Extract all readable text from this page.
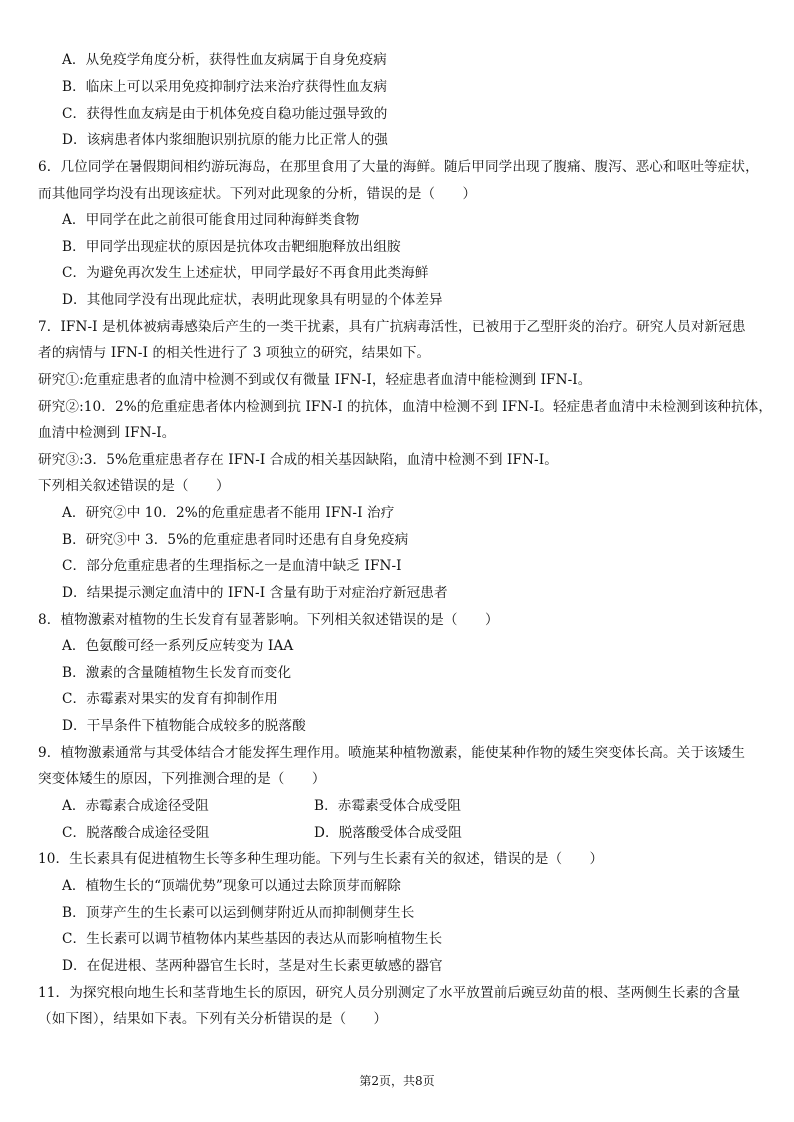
A．从免疫学角度分析，获得性血友病属于自身免疫病
B．临床上可以采用免疫抑制疗法来治疗获得性血友病
C．获得性血友病是由于机体免疫自稳功能过强导致的
D．该病患者体内浆细胞识别抗原的能力比正常人的强
6．几位同学在暑假期间相约游玩海岛，在那里食用了大量的海鲜。随后甲同学出现了腹痛、腹泻、恶心和呕吐等症状，
而其他同学均没有出现该症状。下列对此现象的分析，错误的是（　　）
A．甲同学在此之前很可能食用过同种海鲜类食物
B．甲同学出现症状的原因是抗体攻击靶细胞释放出组胺
C．为避免再次发生上述症状，甲同学最好不再食用此类海鲜
D．其他同学没有出现此症状，表明此现象具有明显的个体差异
7．IFN-I 是机体被病毒感染后产生的一类干扰素，具有广抗病毒活性，已被用于乙型肝炎的治疗。研究人员对新冠患
者的病情与 IFN-I 的相关性进行了 3 项独立的研究，结果如下。
研究①:危重症患者的血清中检测不到或仅有微量 IFN-I，轻症患者血清中能检测到 IFN-I。
研究②:10．2%的危重症患者体内检测到抗 IFN-I 的抗体，血清中检测不到 IFN-I。轻症患者血清中未检测到该种抗体，
血清中检测到 IFN-I。
研究③:3．5%危重症患者存在 IFN-I 合成的相关基因缺陷，血清中检测不到 IFN-I。
下列相关叙述错误的是（　　）
A．研究②中 10．2%的危重症患者不能用 IFN-I 治疗
B．研究③中 3．5%的危重症患者同时还患有自身免疫病
C．部分危重症患者的生理指标之一是血清中缺乏 IFN-I
D．结果提示测定血清中的 IFN-I 含量有助于对症治疗新冠患者
8．植物激素对植物的生长发育有显著影响。下列相关叙述错误的是（　　）
A．色氨酸可经一系列反应转变为 IAA
B．激素的含量随植物生长发育而变化
C．赤霉素对果实的发育有抑制作用
D．干旱条件下植物能合成较多的脱落酸
9．植物激素通常与其受体结合才能发挥生理作用。喷施某种植物激素，能使某种作物的矮生突变体长高。关于该矮生
突变体矮生的原因，下列推测合理的是（　　）
A．赤霉素合成途径受阻	B．赤霉素受体合成受阻
C．脱落酸合成途径受阻	D．脱落酸受体合成受阻
10．生长素具有促进植物生长等多种生理功能。下列与生长素有关的叙述，错误的是（　　）
A．植物生长的“顶端优势”现象可以通过去除顶芽而解除
B．顶芽产生的生长素可以运到侧芽附近从而抑制侧芽生长
C．生长素可以调节植物体内某些基因的表达从而影响植物生长
D．在促进根、茎两种器官生长时，茎是对生长素更敏感的器官
11．为探究根向地生长和茎背地生长的原因，研究人员分别测定了水平放置前后豌豆幼苗的根、茎两侧生长素的含量
（如下图），结果如下表。下列有关分析错误的是（　　）
第2页，共8页
